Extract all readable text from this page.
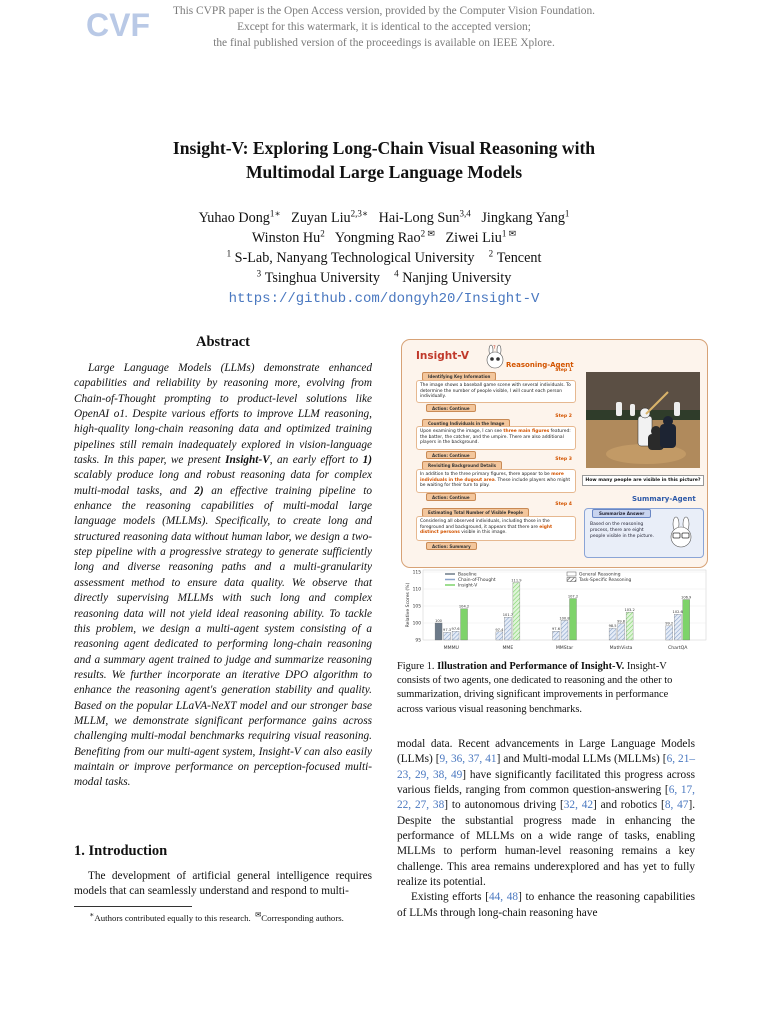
CVF	This CVPR paper is the Open Access version, provided by the Computer Vision Foundation.
Except for this watermark, it is identical to the accepted version;
the final published version of the proceedings is available on IEEE Xplore.
Insight-V: Exploring Long-Chain Visual Reasoning with
Multimodal Large Language Models
Yuhao Dong$^{1∗}$ Zuyan Liu$^{2,3∗}$ Hai-Long Sun$^{3,4}$ Jingkang Yang$^1$
Winston Hu$^2$ Yongming Rao$^{2 ✉}$ Ziwei Liu$^{1 ✉}$
$^1$ S-Lab, Nanyang Technological University $^2$ Tencent
$^3$ Tsinghua University $^4$ Nanjing University
https://github.com/dongyh20/Insight-V
Abstract

Large Language Models (LLMs) demonstrate enhanced capabilities and reliability by reasoning more, evolving from Chain-of-Thought prompting to product-level solutions like OpenAI o1. Despite various efforts to improve LLM reasoning, high-quality long-chain reasoning data and optimized training pipelines still remain inadequately explored in vision-language tasks. In this paper, we present Insight-V, an early effort to 1) scalably produce long and robust reasoning data for complex multi-modal tasks, and 2) an effective training pipeline to enhance the reasoning capabilities of multi-modal large language models (MLLMs). Specifically, to create long and structured reasoning data without human labor, we design a two-step pipeline with a progressive strategy to generate sufficiently long and diverse reasoning paths and a multi-granularity assessment method to ensure data quality. We observe that directly supervising MLLMs with such long and complex reasoning data will not yield ideal reasoning ability. To tackle this problem, we design a multi-agent system consisting of a reasoning agent dedicated to performing long-chain reasoning and a summary agent trained to judge and summarize reasoning results. We further incorporate an iterative DPO algorithm to enhance the reasoning agent's generation stability and quality. Based on the popular LLaVA-NeXT model and our stronger base MLLM, we demonstrate significant performance gains across challenging multi-modal benchmarks requiring visual reasoning. Benefiting from our multi-agent system, Insight-V can also easily maintain or improve performance on perception-focused multi-modal tasks.

1. Introduction

The development of artificial general intelligence requires models that can seamlessly understand and respond to multi-

∗Authors contributed equally to this research. ✉Corresponding authors.
Insight-V
?
Reasoning-Agent
Step 1
Identifying Key Information
The image shows a baseball game scene with several individuals. To determine the number of people visible, I will count each person individually.
Action: Continue
Step 2
Counting Individuals in the Image
Upon examining the image, I can see three main figures featured: the batter, the catcher, and the umpire. There are also additional players in the background.
Action: Continue
Step 3
Revisiting Background Details
In addition to the three primary figures, there appear to be more individuals in the dugout area. These include players who might be waiting for their turn to play.
Action: Continue
Step 4
Estimating Total Number of Visible People
Considering all observed individuals, including those in the foreground and background, it appears that there are eight distinct persons visible in this image.
Action: Summary
How many people are visible in this picture?
Summary-Agent
Summarize Answer
Based on the reasoning process, there are eight people visible in the picture.
Relative Scores (%)
95
100
105
110
115
100
97.3 97.6
104.2
97.4
101.7
111.9
97.6
100.8
107.2
98.5
99.8
103.2
99.2
102.6
106.9
MMMU	MME	MMStar	MathVista	ChartQA
Baseline
Chain-of-Thought
Insight-V
General Reasoning
Task-Specific Reasoning
Figure 1. Illustration and Performance of Insight-V. Insight-V consists of two agents, one dedicated to reasoning and the other to summarization, driving significant improvements in performance across various visual reasoning benchmarks.

modal data. Recent advancements in Large Language Models (LLMs) [9, 36, 37, 41] and Multi-modal LLMs (MLLMs) [6, 21–23, 29, 38, 49] have significantly facilitated this progress across various fields, ranging from common question-answering [6, 17, 22, 27, 38] to autonomous driving [32, 42] and robotics [8, 47]. Despite the substantial progress made in enhancing the performance of MLLMs on a wide range of tasks, enabling MLLMs to perform human-level reasoning remains a key challenge. This area remains underexplored and has yet to fully realize its potential.

Existing efforts [44, 48] to enhance the reasoning capabilities of LLMs through long-chain reasoning have
